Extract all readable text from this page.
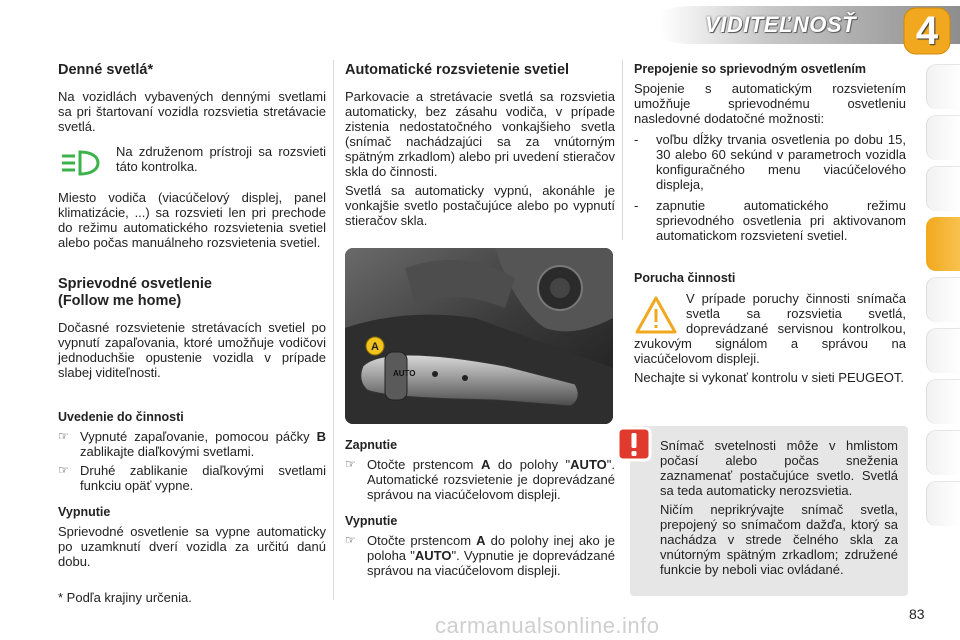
VIDITEĽNOSŤ	4
Denné svetlá*

Na vozidlách vybavených dennými svetlami sa pri štartovaní vozidla rozsvietia stretávacie svetlá.

Na združenom prístroji sa rozsvieti táto kontrolka.

Miesto vodiča (viacúčelový displej, panel klimatizácie, ...) sa rozsvieti len pri prechode do režimu automatického rozsvietenia svetiel alebo počas manuálneho rozsvietenia svetiel.

Sprievodné osvetlenie
(Follow me home)

Dočasné rozsvietenie stretávacích svetiel po vypnutí zapaľovania, ktoré umožňuje vodičovi jednoduchšie opustenie vozidla v prípade slabej viditeľnosti.

Uvedenie do činnosti
☞ Vypnuté zapaľovanie, pomocou páčky B zablikajte diaľkovými svetlami.
☞ Druhé zablikanie diaľkovými svetlami funkciu opäť vypne.
Vypnutie

Sprievodné osvetlenie sa vypne automaticky po uzamknutí dverí vozidla za určitú danú dobu.

* Podľa krajiny určenia.
Automatické rozsvietenie svetiel

Parkovacie a stretávacie svetlá sa rozsvietia automaticky, bez zásahu vodiča, v prípade zistenia nedostatočného vonkajšieho svetla (snímač nachádzajúci sa za vnútorným spätným zrkadlom) alebo pri uvedení stieračov skla do činnosti.

Svetlá sa automaticky vypnú, akonáhle je vonkajšie svetlo postačujúce alebo po vypnutí stieračov skla.

A
AUTO
Zapnutie
☞ Otočte prstencom A do polohy "AUTO". Automatické rozsvietenie je doprevádzané správou na viacúčelovom displeji.
Vypnutie
☞ Otočte prstencom A do polohy inej ako je poloha "AUTO". Vypnutie je doprevádzané správou na viacúčelovom displeji.
Prepojenie so sprievodným osvetlením

Spojenie s automatickým rozsvietením umožňuje sprievodnému osvetleniu nasledovné dodatočné možnosti:

-	voľbu dĺžky trvania osvetlenia po dobu 15, 30 alebo 60 sekúnd v parametroch vozidla konfiguračného menu viacúčelového displeja,
-	zapnutie automatického režimu sprievodného osvetlenia pri aktivovanom automatickom rozsvietení svetiel.
Porucha činnosti

V prípade poruchy činnosti snímača svetla sa rozsvietia svetlá, doprevádzané servisnou kontrolkou, zvukovým signálom a správou na viacúčelovom displeji.

Nechajte si vykonať kontrolu v sieti PEUGEOT.

Snímač svetelnosti môže v hmlistom počasí alebo počas sneženia zaznamenať postačujúce svetlo. Svetlá sa teda automaticky nerozsvietia.

Ničím neprikrývajte snímač svetla, prepojený so snímačom dažďa, ktorý sa nachádza v strede čelného skla za vnútorným spätným zrkadlom; združené funkcie by neboli viac ovládané.

carmanualsonline.info	83
